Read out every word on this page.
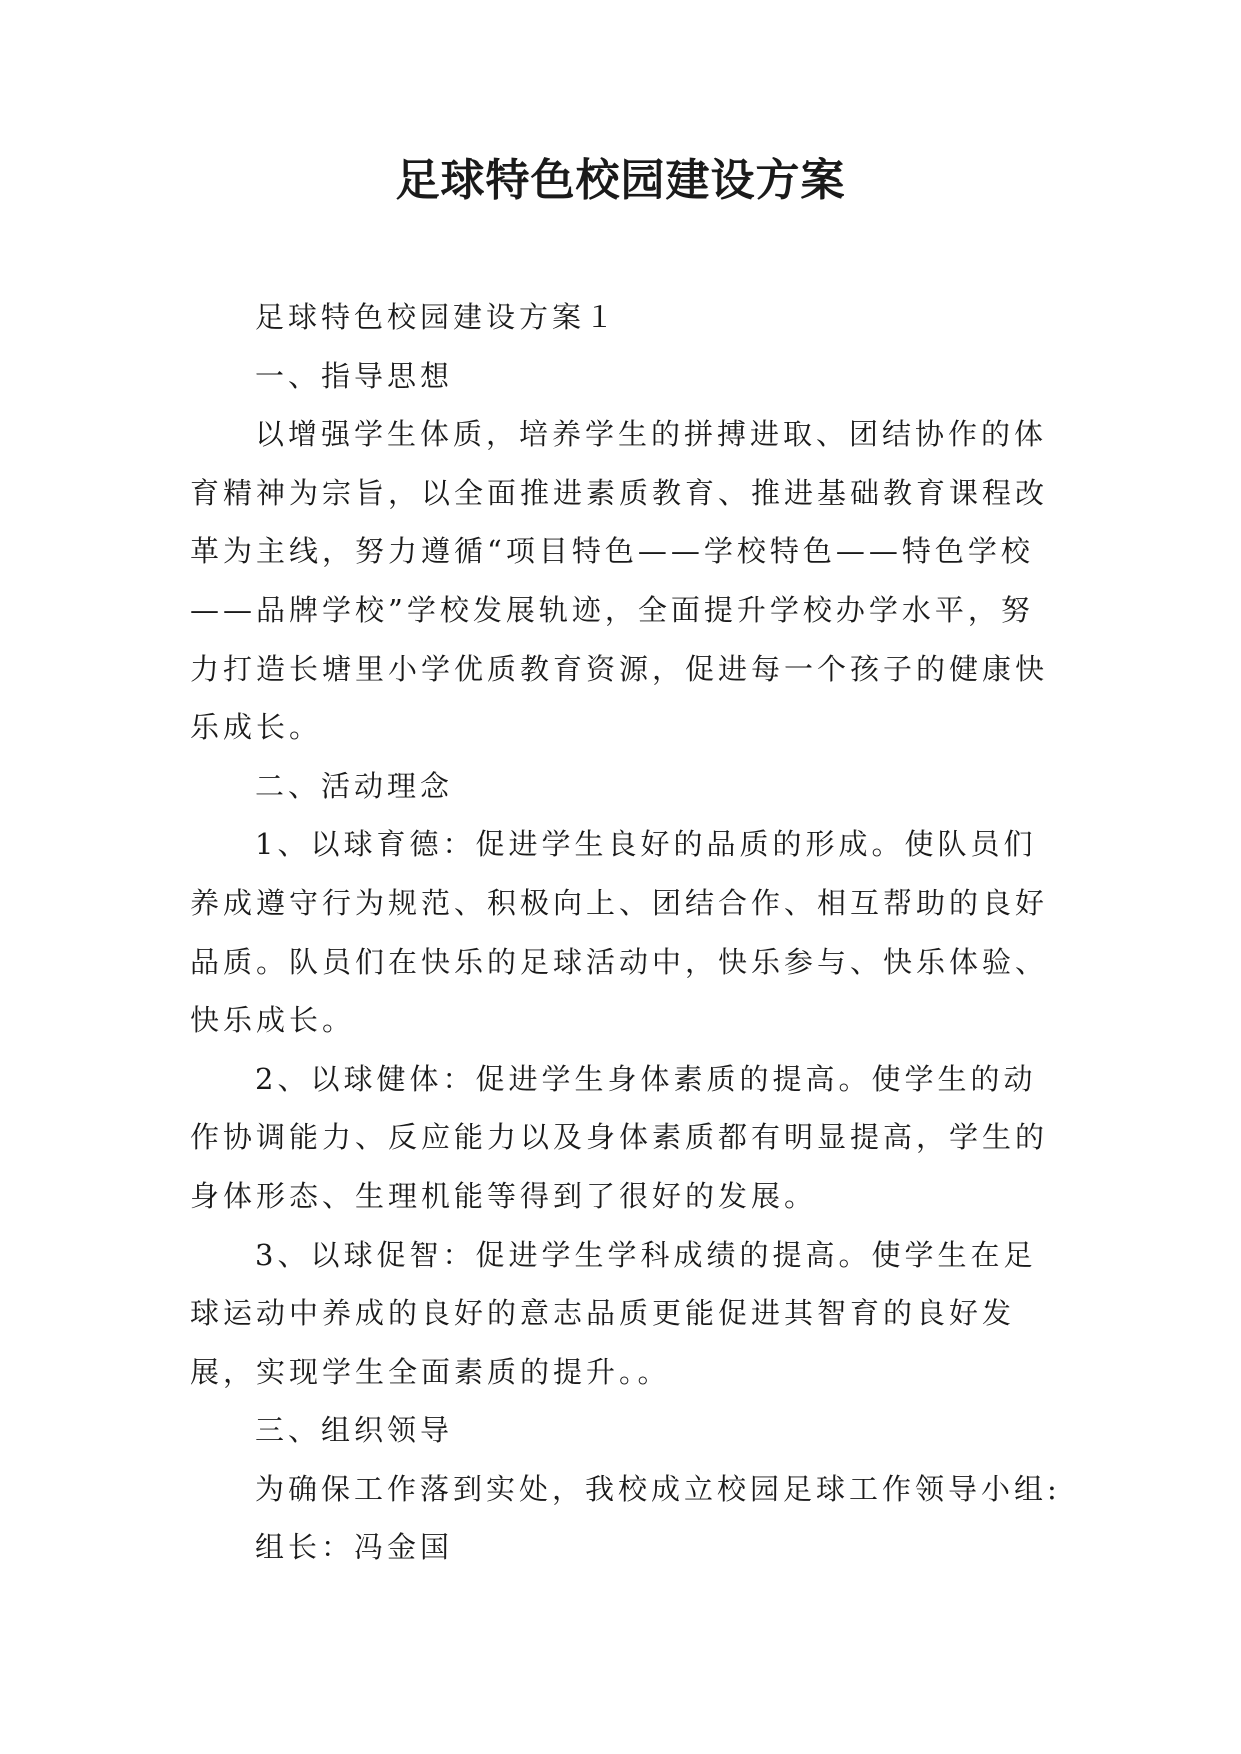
足球特色校园建设方案

足球特色校园建设方案１

一、指导思想

以增强学生体质，培养学生的拼搏进取、团结协作的体

育精神为宗旨，以全面推进素质教育、推进基础教育课程改

革为主线，努力遵循“项目特色——学校特色——特色学校

——品牌学校”学校发展轨迹，全面提升学校办学水平，努

力打造长塘里小学优质教育资源，促进每一个孩子的健康快

乐成长。

二、活动理念

1、以球育德：促进学生良好的品质的形成。使队员们

养成遵守行为规范、积极向上、团结合作、相互帮助的良好

品质。队员们在快乐的足球活动中，快乐参与、快乐体验、

快乐成长。

2、以球健体：促进学生身体素质的提高。使学生的动

作协调能力、反应能力以及身体素质都有明显提高，学生的

身体形态、生理机能等得到了很好的发展。

3、以球促智：促进学生学科成绩的提高。使学生在足

球运动中养成的良好的意志品质更能促进其智育的良好发

展，实现学生全面素质的提升。。

三、组织领导

为确保工作落到实处，我校成立校园足球工作领导小组:

组长：冯金国
